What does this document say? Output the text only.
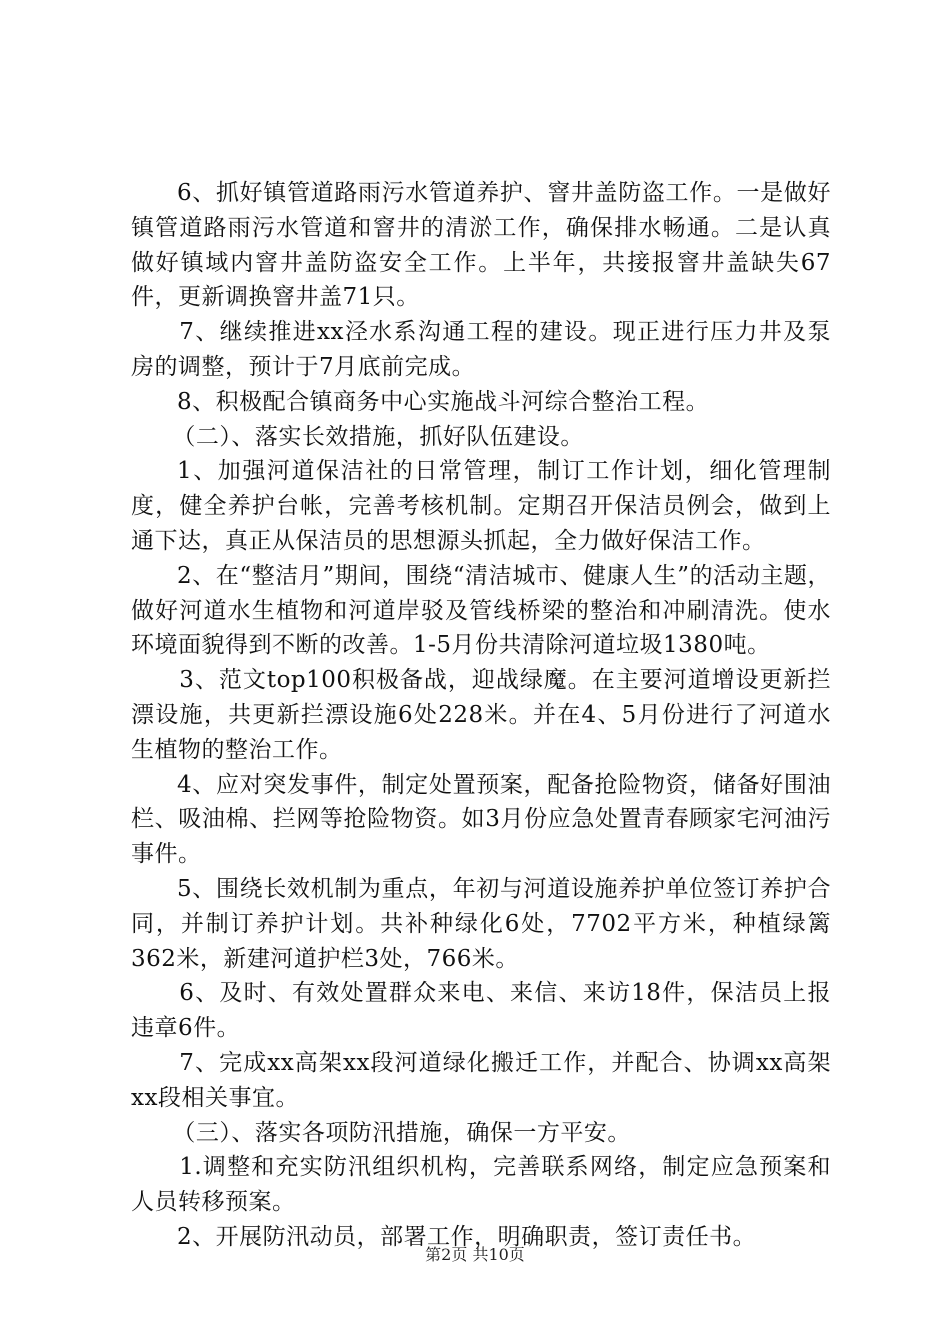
6、抓好镇管道路雨污水管道养护、窨井盖防盗工作。一是做好镇管道路雨污水管道和窨井的清淤工作，确保排水畅通。二是认真做好镇域内窨井盖防盗安全工作。上半年，共接报窨井盖缺失67件，更新调换窨井盖71只。

7、继续推进xx泾水系沟通工程的建设。现正进行压力井及泵房的调整，预计于7月底前完成。

8、积极配合镇商务中心实施战斗河综合整治工程。

（二）、落实长效措施，抓好队伍建设。

1、加强河道保洁社的日常管理，制订工作计划，细化管理制度，健全养护台帐，完善考核机制。定期召开保洁员例会，做到上通下达，真正从保洁员的思想源头抓起，全力做好保洁工作。

2、在“整洁月”期间，围绕“清洁城市、健康人生”的活动主题，做好河道水生植物和河道岸驳及管线桥梁的整治和冲刷清洗。使水环境面貌得到不断的改善。1-5月份共清除河道垃圾1380吨。

3、范文top100积极备战，迎战绿魔。在主要河道增设更新拦漂设施，共更新拦漂设施6处228米。并在4、5月份进行了河道水生植物的整治工作。

4、应对突发事件，制定处置预案，配备抢险物资，储备好围油栏、吸油棉、拦网等抢险物资。如3月份应急处置青春顾家宅河油污事件。

5、围绕长效机制为重点，年初与河道设施养护单位签订养护合同，并制订养护计划。共补种绿化6处，7702平方米，种植绿篱362米，新建河道护栏3处，766米。

6、及时、有效处置群众来电、来信、来访18件，保洁员上报违章6件。

7、完成xx高架xx段河道绿化搬迁工作，并配合、协调xx高架xx段相关事宜。

（三）、落实各项防汛措施，确保一方平安。

1.调整和充实防汛组织机构，完善联系网络，制定应急预案和人员转移预案。

2、开展防汛动员，部署工作，明确职责，签订责任书。

第2页 共10页
